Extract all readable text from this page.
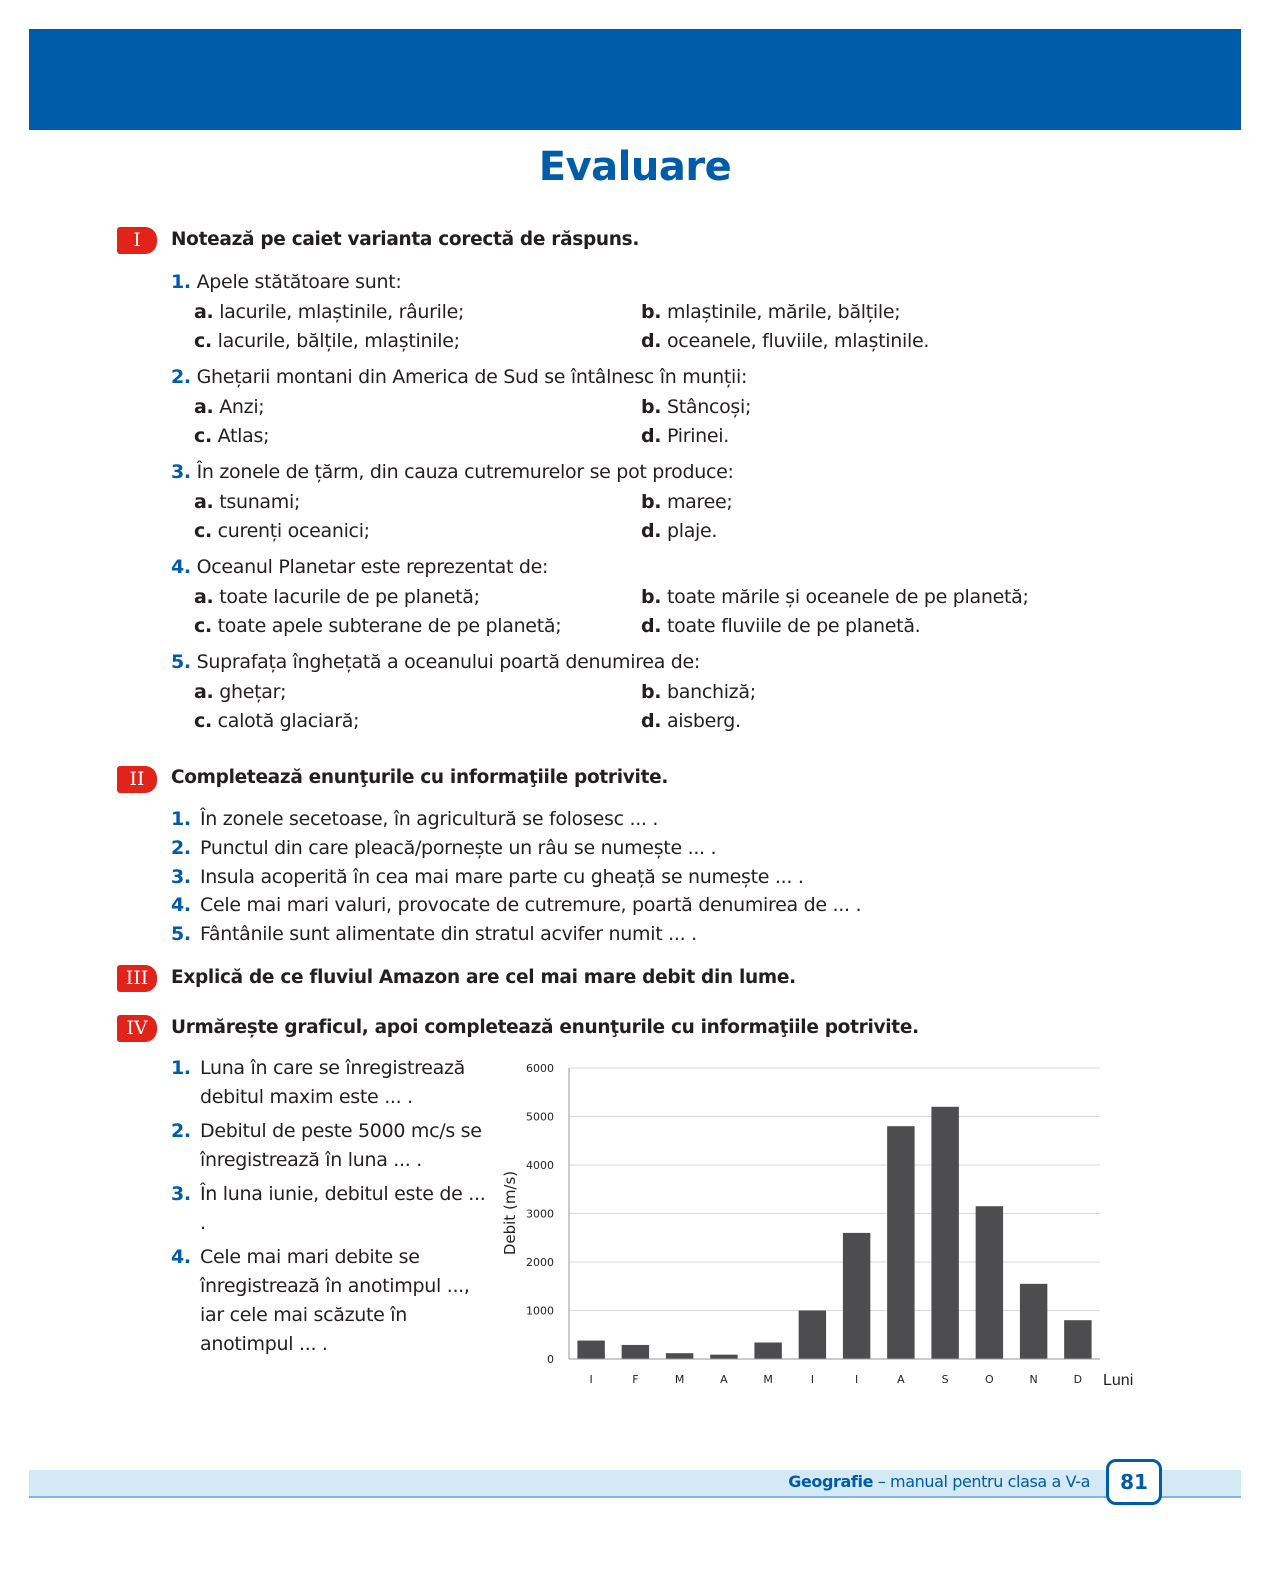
Evaluare
I	Notează pe caiet varianta corectă de răspuns.
1. Apele stătătoare sunt:
a. lacurile, mlaștinile, râurile;	b. mlaștinile, mările, bălțile;
c. lacurile, bălțile, mlaștinile;	d. oceanele, fluviile, mlaștinile.
2. Ghețarii montani din America de Sud se întâlnesc în munții:
a. Anzi;	b. Stâncoși;
c. Atlas;	d. Pirinei.
3. În zonele de țărm, din cauza cutremurelor se pot produce:
a. tsunami;	b. maree;
c. curenți oceanici;	d. plaje.
4. Oceanul Planetar este reprezentat de:
a. toate lacurile de pe planetă;	b. toate mările și oceanele de pe planetă;
c. toate apele subterane de pe planetă;	d. toate fluviile de pe planetă.
5. Suprafața înghețată a oceanului poartă denumirea de:
a. ghețar;	b. banchiză;
c. calotă glaciară;	d. aisberg.
II	Completează enunţurile cu informaţiile potrivite.
1. În zonele secetoase, în agricultură se folosesc ... .
2. Punctul din care pleacă/pornește un râu se numește ... .
3. Insula acoperită în cea mai mare parte cu gheață se numește ... .
4. Cele mai mari valuri, provocate de cutremure, poartă denumirea de ... .
5. Fântânile sunt alimentate din stratul acvifer numit ... .
III	Explică de ce fluviul Amazon are cel mai mare debit din lume.
IV	Urmărește graficul, apoi completează enunţurile cu informaţiile potrivite.
1. Luna în care se înregistrează debitul maxim este ... .
2. Debitul de peste 5000 mc/s se înregistrează în luna ... .
3. În luna iunie, debitul este de ... .
4. Cele mai mari debite se înregistrează în anotimpul ..., iar cele mai scăzute în anotimpul ... .
0
1000
2000
3000
4000
5000
6000
I	F	M	A	M	I	I	A	S	O	N	D
Debit (m/s)
Luni
Geografie – manual pentru clasa a V-a	81
